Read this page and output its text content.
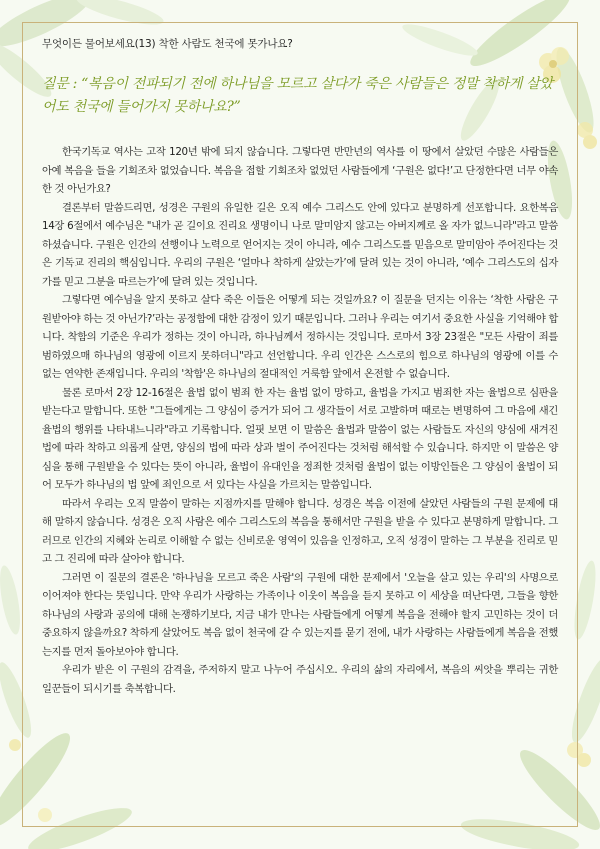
무엇이든 물어보세요(13) 착한 사람도 천국에 못가나요?
질문 : “복음이 전파되기 전에 하나님을 모르고 살다가 죽은 사람들은 정말 착하게 살았어도 천국에 들어가지 못하나요?”

한국기독교 역사는 고작 120년 밖에 되지 않습니다. 그렇다면 반만년의 역사를 이 땅에서 살았던 수많은 사람들은 아예 복음을 들을 기회조차 없었습니다. 복음을 접할 기회조차 없었던 사람들에게 ‘구원은 없다!’고 단정한다면 너무 야속한 것 아닌가요?

결론부터 말씀드리면, 성경은 구원의 유일한 길은 오직 예수 그리스도 안에 있다고 분명하게 선포합니다. 요한복음 14장 6절에서 예수님은 "내가 곧 길이요 진리요 생명이니 나로 말미암지 않고는 아버지께로 올 자가 없느니라"라고 말씀하셨습니다. 구원은 인간의 선행이나 노력으로 얻어지는 것이 아니라, 예수 그리스도를 믿음으로 말미암아 주어진다는 것은 기독교 진리의 핵심입니다. 우리의 구원은 ‘얼마나 착하게 살았는가’에 달려 있는 것이 아니라, ‘예수 그리스도의 십자가를 믿고 그분을 따르는가’에 달려 있는 것입니다.

그렇다면 예수님을 알지 못하고 살다 죽은 이들은 어떻게 되는 것일까요? 이 질문을 던지는 이유는 ‘착한 사람은 구원받아야 하는 것 아닌가?’라는 공정함에 대한 감정이 있기 때문입니다. 그러나 우리는 여기서 중요한 사실을 기억해야 합니다. 착함의 기준은 우리가 정하는 것이 아니라, 하나님께서 정하시는 것입니다. 로마서 3장 23절은 "모든 사람이 죄를 범하였으매 하나님의 영광에 이르지 못하더니"라고 선언합니다. 우리 인간은 스스로의 힘으로 하나님의 영광에 이를 수 없는 연약한 존재입니다. 우리의 '착함'은 하나님의 절대적인 거룩함 앞에서 온전할 수 없습니다.

물론 로마서 2장 12-16절은 율법 없이 범죄 한 자는 율법 없이 망하고, 율법을 가지고 범죄한 자는 율법으로 심판을 받는다고 말합니다. 또한 "그들에게는 그 양심이 증거가 되어 그 생각들이 서로 고발하며 때로는 변명하여 그 마음에 새긴 율법의 행위를 나타내느니라"라고 기록합니다. 얼핏 보면 이 말씀은 율법과 말씀이 없는 사람들도 자신의 양심에 새겨진 법에 따라 착하고 의롭게 살면, 양심의 법에 따라 상과 벌이 주어진다는 것처럼 해석할 수 있습니다. 하지만 이 말씀은 양심을 통해 구원받을 수 있다는 뜻이 아니라, 율법이 유대인을 정죄한 것처럼 율법이 없는 이방인들은 그 양심이 율법이 되어 모두가 하나님의 법 앞에 죄인으로 서 있다는 사실을 가르치는 말씀입니다.

따라서 우리는 오직 말씀이 말하는 지점까지를 말해야 합니다. 성경은 복음 이전에 살았던 사람들의 구원 문제에 대해 말하지 않습니다. 성경은 오직 사람은 예수 그리스도의 복음을 통해서만 구원을 받을 수 있다고 분명하게 말합니다. 그러므로 인간의 지혜와 논리로 이해할 수 없는 신비로운 영역이 있음을 인정하고, 오직 성경이 말하는 그 부분을 진리로 믿고 그 진리에 따라 살아야 합니다.

그러면 이 질문의 결론은 '하나님을 모르고 죽은 사람'의 구원에 대한 문제에서 '오늘을 살고 있는 우리'의 사명으로 이어져야 한다는 뜻입니다. 만약 우리가 사랑하는 가족이나 이웃이 복음을 듣지 못하고 이 세상을 떠난다면, 그들을 향한 하나님의 사랑과 공의에 대해 논쟁하기보다, 지금 내가 만나는 사람들에게 어떻게 복음을 전해야 할지 고민하는 것이 더 중요하지 않을까요? 착하게 살았어도 복음 없이 천국에 갈 수 있는지를 묻기 전에, 내가 사랑하는 사람들에게 복음을 전했는지를 먼저 돌아보아야 합니다.

우리가 받은 이 구원의 감격을, 주저하지 말고 나누어 주십시오. 우리의 삶의 자리에서, 복음의 씨앗을 뿌리는 귀한 일꾼들이 되시기를 축복합니다.
